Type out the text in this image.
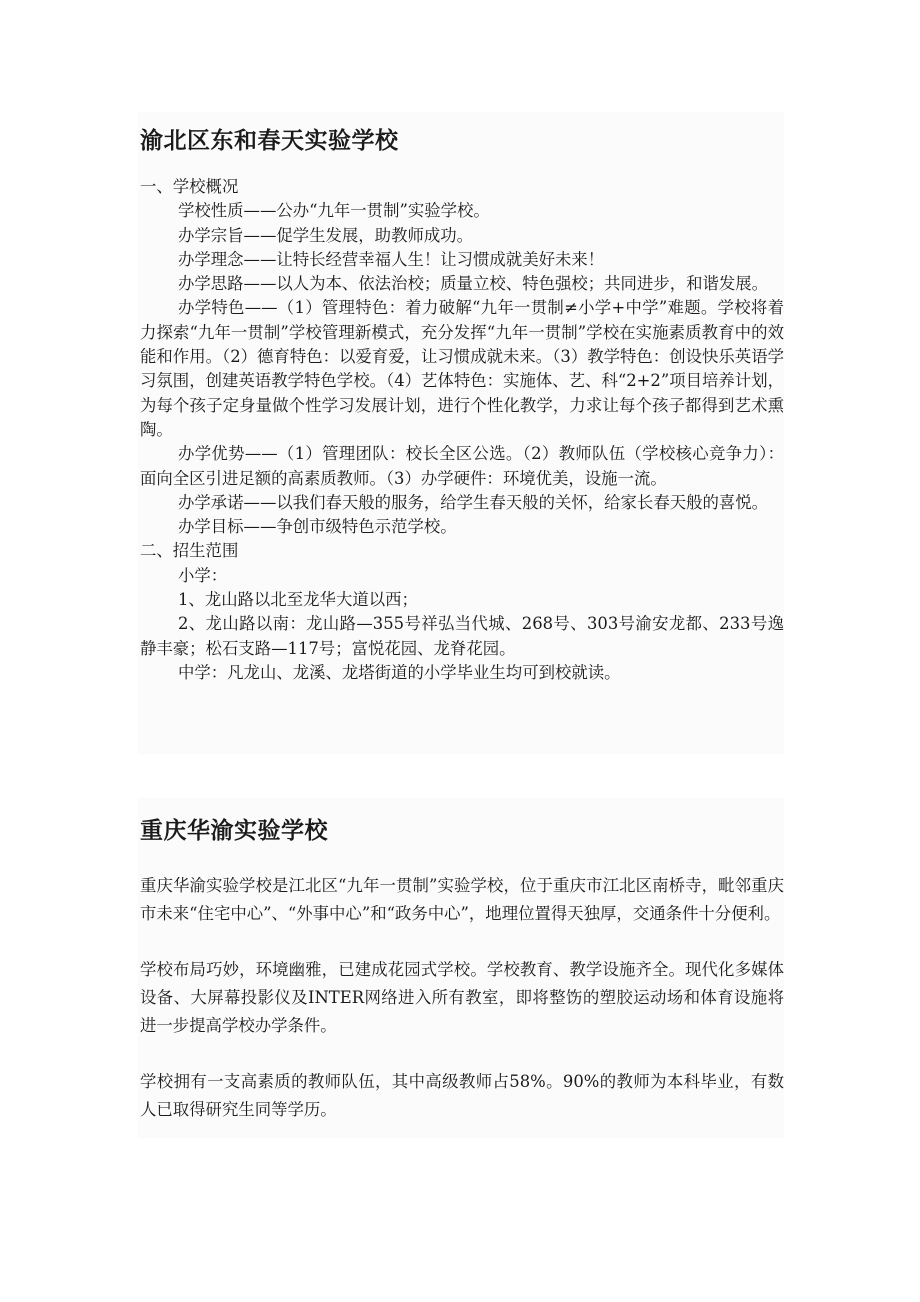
渝北区东和春天实验学校

一、学校概况

学校性质——公办“九年一贯制”实验学校。

办学宗旨——促学生发展，助教师成功。

办学理念——让特长经营幸福人生！让习惯成就美好未来！

办学思路——以人为本、依法治校；质量立校、特色强校；共同进步，和谐发展。

办学特色——（1）管理特色：着力破解“九年一贯制≠小学+中学”难题。学校将着力探索“九年一贯制”学校管理新模式，充分发挥“九年一贯制”学校在实施素质教育中的效能和作用。（2）德育特色：以爱育爱，让习惯成就未来。（3）教学特色：创设快乐英语学习氛围，创建英语教学特色学校。（4）艺体特色：实施体、艺、科“2+2”项目培养计划，为每个孩子定身量做个性学习发展计划，进行个性化教学，力求让每个孩子都得到艺术熏陶。

办学优势——（1）管理团队：校长全区公选。（2）教师队伍（学校核心竞争力）：面向全区引进足额的高素质教师。（3）办学硬件：环境优美，设施一流。

办学承诺——以我们春天般的服务，给学生春天般的关怀，给家长春天般的喜悦。

办学目标——争创市级特色示范学校。

二、招生范围

小学：

1、龙山路以北至龙华大道以西；

2、龙山路以南：龙山路—355号祥弘当代城、268号、303号渝安龙都、233号逸静丰豪；松石支路—117号；富悦花园、龙脊花园。

中学：凡龙山、龙溪、龙塔街道的小学毕业生均可到校就读。

重庆华渝实验学校

重庆华渝实验学校是江北区“九年一贯制”实验学校，位于重庆市江北区南桥寺，毗邻重庆市未来“住宅中心”、“外事中心”和“政务中心”，地理位置得天独厚，交通条件十分便利。

学校布局巧妙，环境幽雅，已建成花园式学校。学校教育、教学设施齐全。现代化多媒体设备、大屏幕投影仪及INTER网络进入所有教室，即将整饬的塑胶运动场和体育设施将进一步提高学校办学条件。

学校拥有一支高素质的教师队伍，其中高级教师占58%。90%的教师为本科毕业，有数人已取得研究生同等学历。
